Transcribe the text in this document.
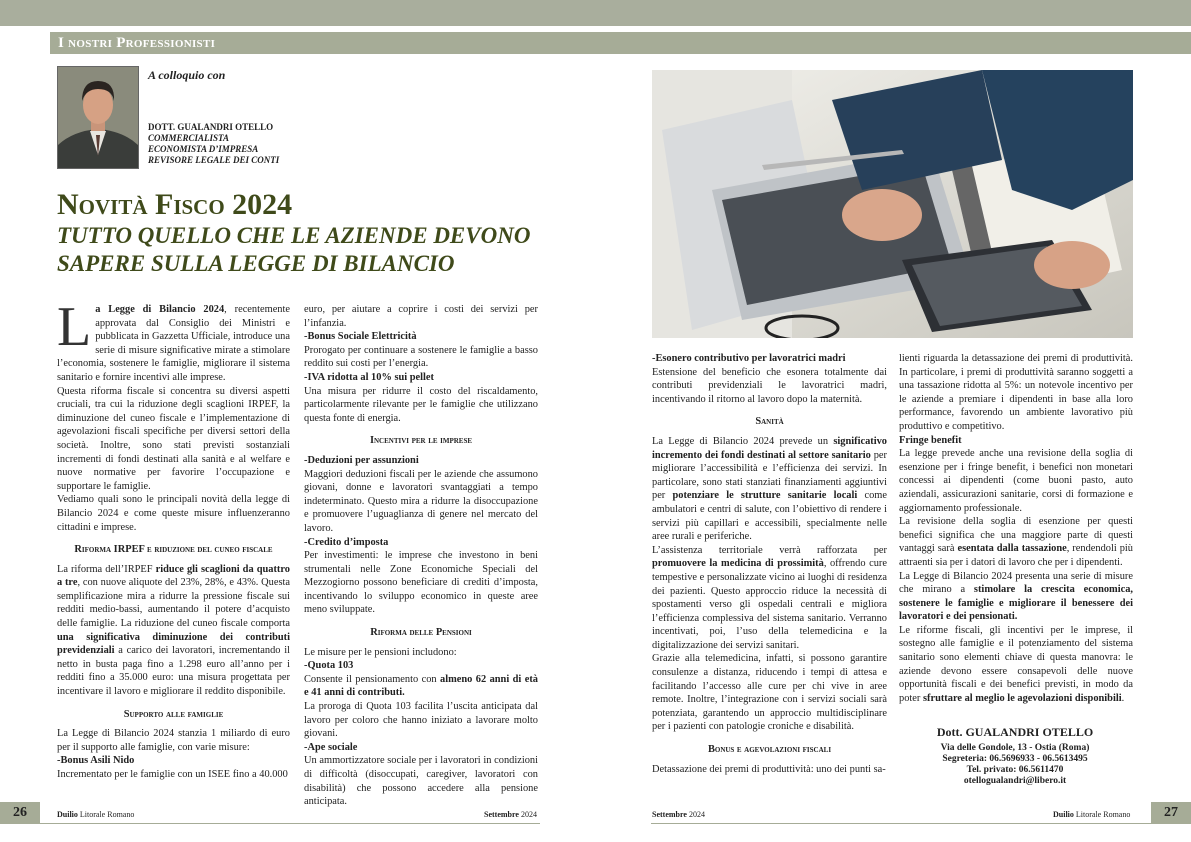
I nostri Professionisti
A colloquio con
DOTT. GUALANDRI OTELLO
COMMERCIALISTA
ECONOMISTA D’IMPRESA
REVISORE LEGALE DEI CONTI
Novità Fisco 2024
TUTTO QUELLO CHE LE AZIENDE DEVONO
SAPERE SULLA LEGGE DI BILANCIO

La Legge di Bilancio 2024, recentemente approvata dal Consiglio dei Ministri e pubblicata in Gazzetta Ufficiale, introduce una serie di misure significative mirate a stimolare l’economia, sostenere le famiglie, migliorare il sistema sanitario e fornire incentivi alle imprese.

Questa riforma fiscale si concentra su diversi aspetti cruciali, tra cui la riduzione degli scaglioni IRPEF, la diminuzione del cuneo fiscale e l’implementazione di agevolazioni fiscali specifiche per diversi settori della società. Inoltre, sono stati previsti sostanziali incrementi di fondi destinati alla sanità e al welfare e nuove normative per favorire l’occupazione e supportare le famiglie.

Vediamo quali sono le principali novità della legge di Bilancio 2024 e come queste misure influenzeranno cittadini e imprese.

Riforma IRPEF e riduzione del cuneo fiscale

La riforma dell’IRPEF riduce gli scaglioni da quattro a tre, con nuove aliquote del 23%, 28%, e 43%. Questa semplificazione mira a ridurre la pressione fiscale sui redditi medio-bassi, aumentando il potere d’acquisto delle famiglie. La riduzione del cuneo fiscale comporta una significativa diminuzione dei contributi previdenziali a carico dei lavoratori, incrementando il netto in busta paga fino a 1.298 euro all’anno per i redditi fino a 35.000 euro: una misura progettata per incentivare il lavoro e migliorare il reddito disponibile.

Supporto alle famiglie

La Legge di Bilancio 2024 stanzia 1 miliardo di euro per il supporto alle famiglie, con varie misure:

-Bonus Asili Nido

Incrementato per le famiglie con un ISEE fino a 40.000

euro, per aiutare a coprire i costi dei servizi per l’infanzia.

-Bonus Sociale Elettricità

Prorogato per continuare a sostenere le famiglie a basso reddito sui costi per l’energia.

-IVA ridotta al 10% sui pellet

Una misura per ridurre il costo del riscaldamento, particolarmente rilevante per le famiglie che utilizzano questa fonte di energia.

Incentivi per le imprese

-Deduzioni per assunzioni

Maggiori deduzioni fiscali per le aziende che assumono giovani, donne e lavoratori svantaggiati a tempo indeterminato. Questo mira a ridurre la disoccupazione e promuovere l’uguaglianza di genere nel mercato del lavoro.

-Credito d’imposta

Per investimenti: le imprese che investono in beni strumentali nelle Zone Economiche Speciali del Mezzogiorno possono beneficiare di crediti d’imposta, incentivando lo sviluppo economico in queste aree meno sviluppate.

Riforma delle Pensioni

Le misure per le pensioni includono:

-Quota 103

Consente il pensionamento con almeno 62 anni di età e 41 anni di contributi.

La proroga di Quota 103 facilita l’uscita anticipata dal lavoro per coloro che hanno iniziato a lavorare molto giovani.

-Ape sociale

Un ammortizzatore sociale per i lavoratori in condizioni di difficoltà (disoccupati, caregiver, lavoratori con disabilità) che possono accedere alla pensione anticipata.

-Esonero contributivo per lavoratrici madri

Estensione del beneficio che esonera totalmente dai contributi previdenziali le lavoratrici madri, incentivando il ritorno al lavoro dopo la maternità.

Sanità

La Legge di Bilancio 2024 prevede un significativo incremento dei fondi destinati al settore sanitario per migliorare l’accessibilità e l’efficienza dei servizi. In particolare, sono stati stanziati finanziamenti aggiuntivi per potenziare le strutture sanitarie locali come ambulatori e centri di salute, con l’obiettivo di rendere i servizi più capillari e accessibili, specialmente nelle aree rurali e periferiche.

L’assistenza territoriale verrà rafforzata per promuovere la medicina di prossimità, offrendo cure tempestive e personalizzate vicino ai luoghi di residenza dei pazienti. Questo approccio riduce la necessità di spostamenti verso gli ospedali centrali e migliora l’efficienza complessiva del sistema sanitario. Verranno incentivati, poi, l’uso della telemedicina e la digitalizzazione dei servizi sanitari.

Grazie alla telemedicina, infatti, si possono garantire consulenze a distanza, riducendo i tempi di attesa e facilitando l’accesso alle cure per chi vive in aree remote. Inoltre, l’integrazione con i servizi sociali sarà potenziata, garantendo un approccio multidisciplinare per i pazienti con patologie croniche e disabilità.

Bonus e agevolazioni fiscali

Detassazione dei premi di produttività: uno dei punti sa-

lienti riguarda la detassazione dei premi di produttività. In particolare, i premi di produttività saranno soggetti a una tassazione ridotta al 5%: un notevole incentivo per le aziende a premiare i dipendenti in base alla loro performance, favorendo un ambiente lavorativo più produttivo e competitivo.

Fringe benefit

La legge prevede anche una revisione della soglia di esenzione per i fringe benefit, i benefici non monetari concessi ai dipendenti (come buoni pasto, auto aziendali, assicurazioni sanitarie, corsi di formazione e aggiornamento professionale.

La revisione della soglia di esenzione per questi benefici significa che una maggiore parte di questi vantaggi sarà esentata dalla tassazione, rendendoli più attraenti sia per i datori di lavoro che per i dipendenti.

La Legge di Bilancio 2024 presenta una serie di misure che mirano a stimolare la crescita economica, sostenere le famiglie e migliorare il benessere dei lavoratori e dei pensionati.

Le riforme fiscali, gli incentivi per le imprese, il sostegno alle famiglie e il potenziamento del sistema sanitario sono elementi chiave di questa manovra: le aziende devono essere consapevoli delle nuove opportunità fiscali e dei benefici previsti, in modo da poter sfruttare al meglio le agevolazioni disponibili.

Dott. GUALANDRI OTELLO
Via delle Gondole, 13 - Ostia (Roma)
Segreteria: 06.5696933 - 06.5613495
Tel. privato: 06.5611470
otellogualandri@libero.it
26	Duilio Litorale Romano	Settembre 2024	Settembre 2024	Duilio Litorale Romano	27
